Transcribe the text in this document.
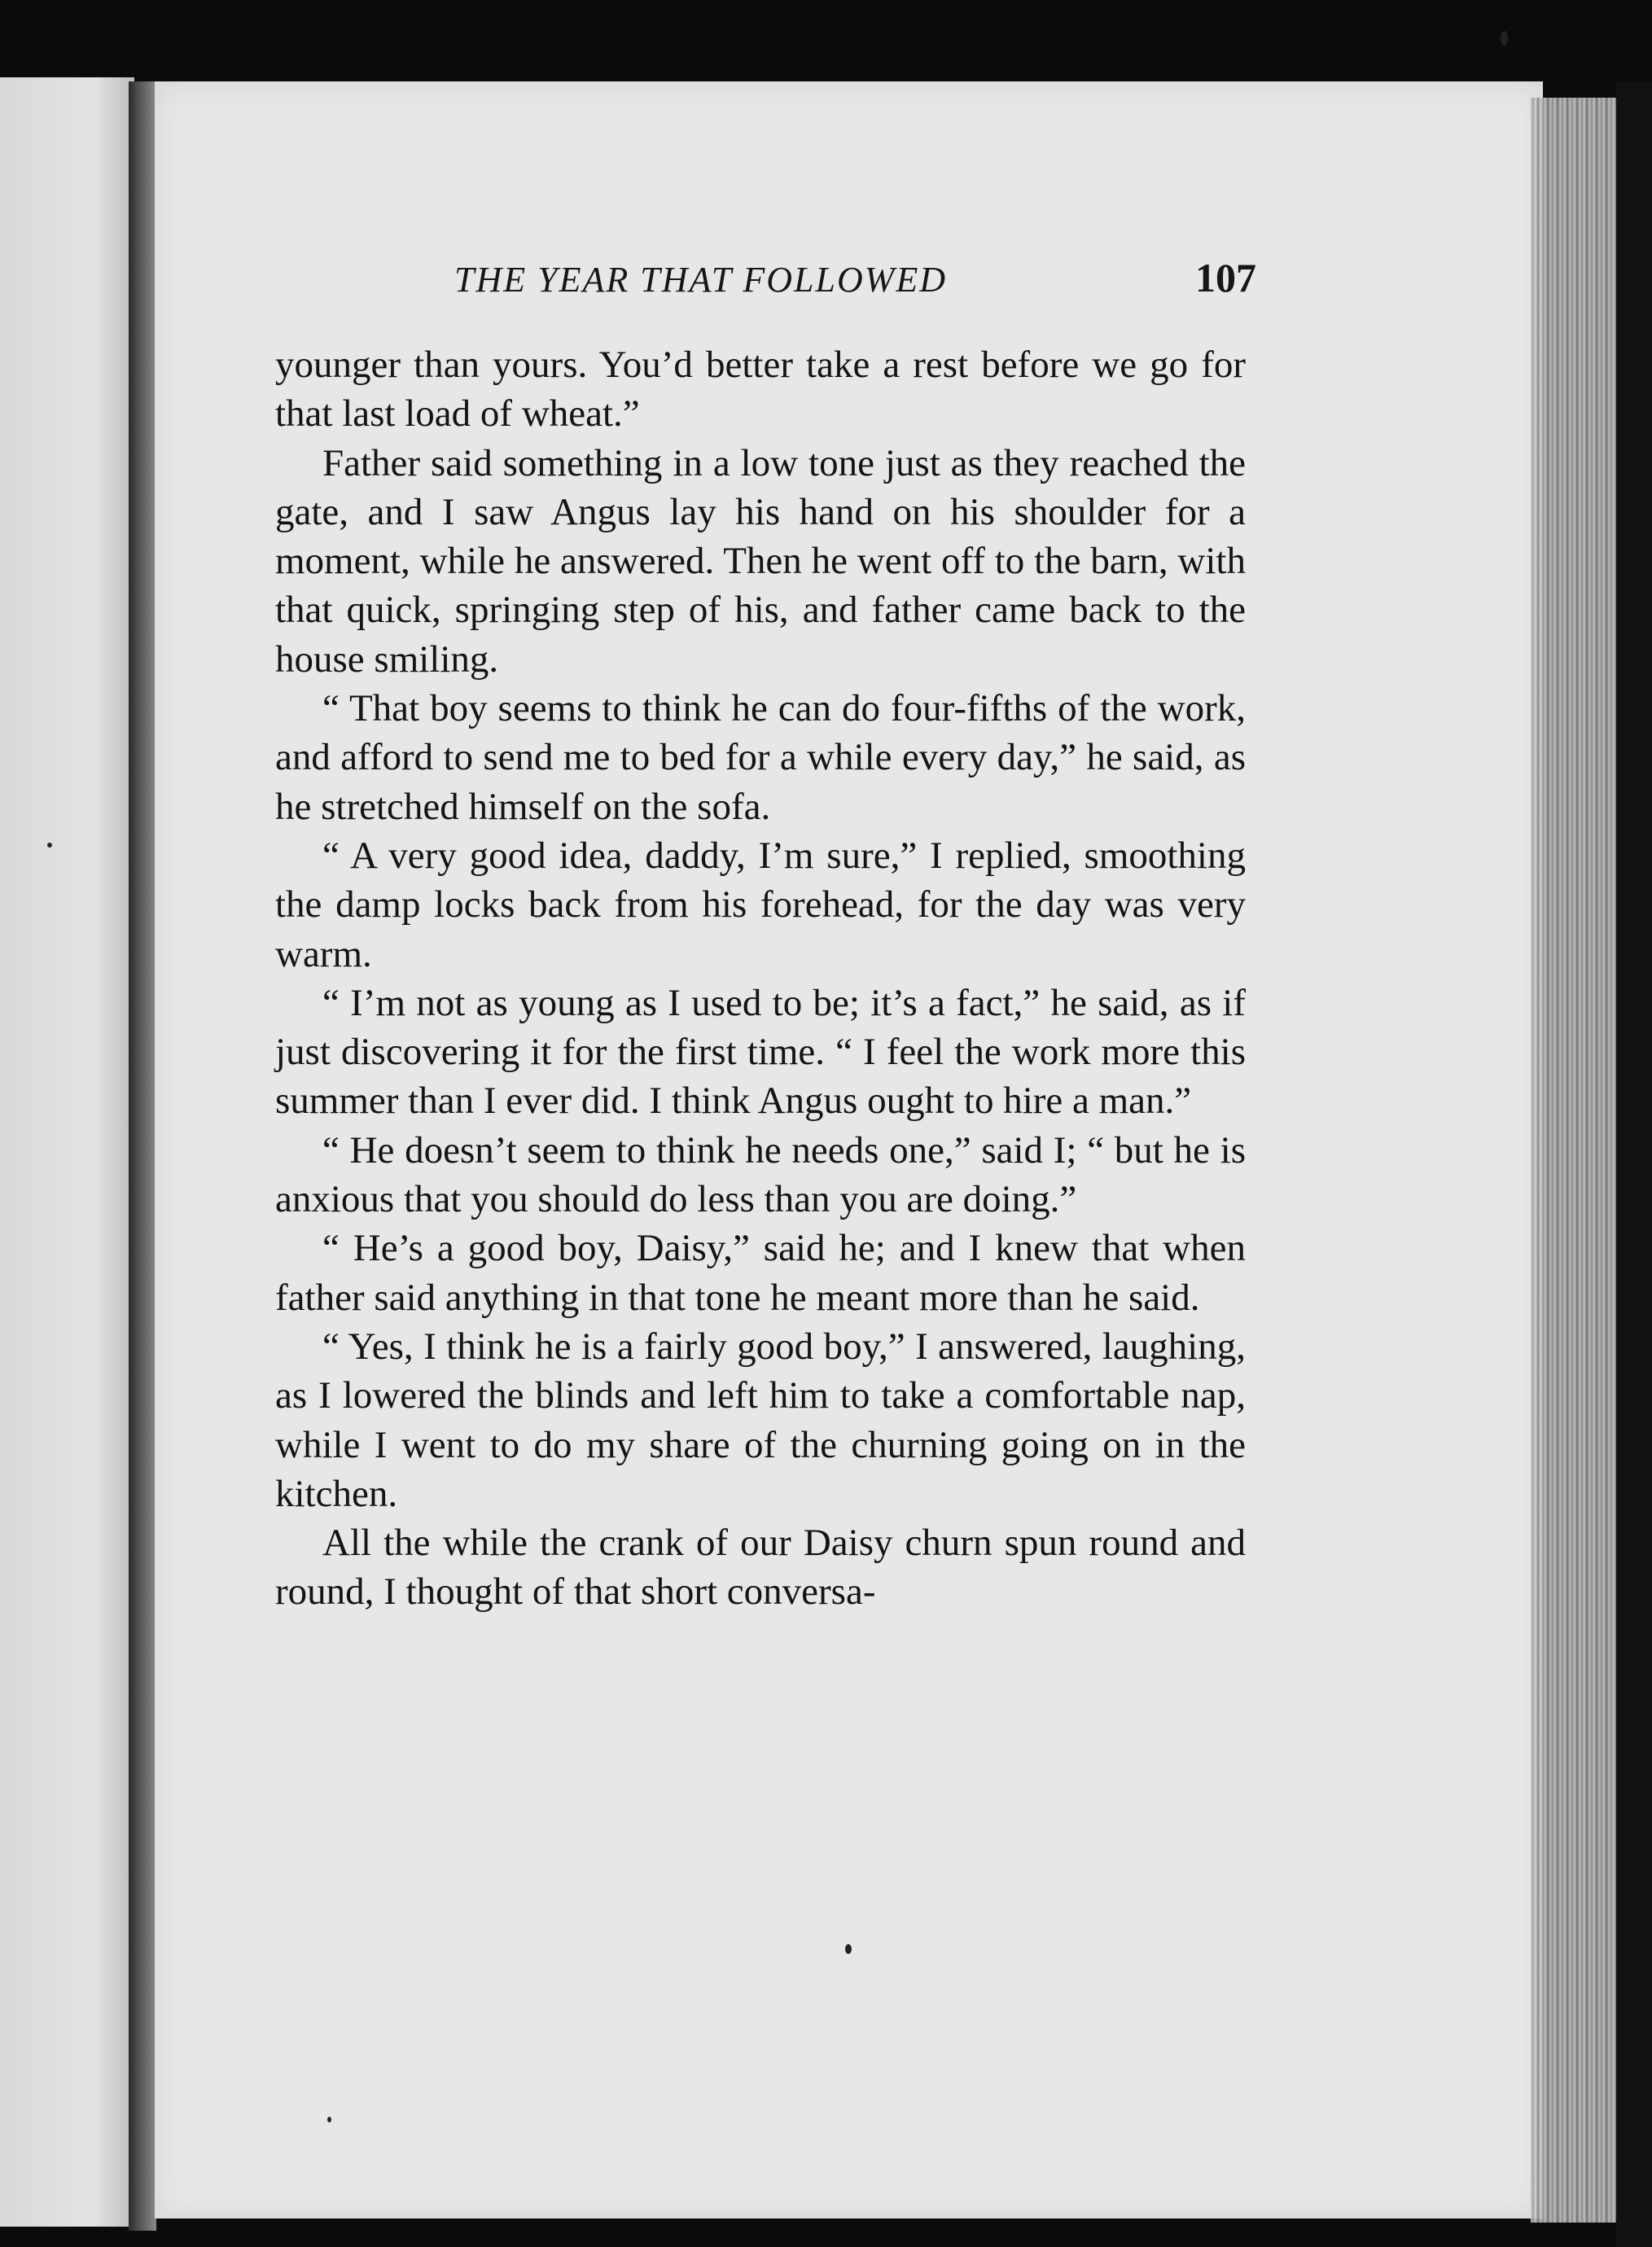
THE YEAR THAT FOLLOWED	107

younger than yours. You’d better take a rest before we go for that last load of wheat.”

Father said something in a low tone just as they reached the gate, and I saw Angus lay his hand on his shoulder for a moment, while he answered. Then he went off to the barn, with that quick, springing step of his, and father came back to the house smiling.

“ That boy seems to think he can do four-fifths of the work, and afford to send me to bed for a while every day,” he said, as he stretched himself on the sofa.

“ A very good idea, daddy, I’m sure,” I replied, smoothing the damp locks back from his forehead, for the day was very warm.

“ I’m not as young as I used to be; it’s a fact,” he said, as if just discovering it for the first time. “ I feel the work more this summer than I ever did. I think Angus ought to hire a man.”

“ He doesn’t seem to think he needs one,” said I; “ but he is anxious that you should do less than you are doing.”

“ He’s a good boy, Daisy,” said he; and I knew that when father said anything in that tone he meant more than he said.

“ Yes, I think he is a fairly good boy,” I answered, laughing, as I lowered the blinds and left him to take a comfortable nap, while I went to do my share of the churning going on in the kitchen.

All the while the crank of our Daisy churn spun round and round, I thought of that short conversa-
